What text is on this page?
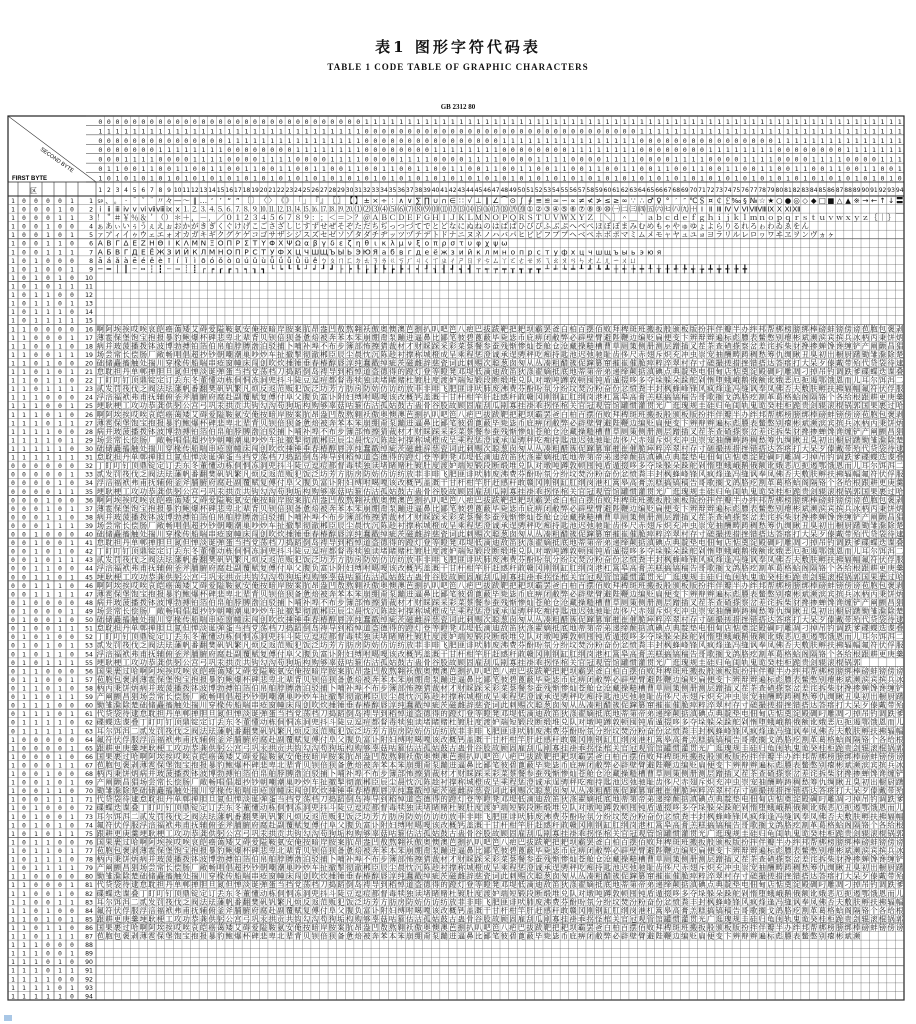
表1 图形字符代码表
TABLE 1 CODE TABLE OF GRAPHIC CHARACTERS
GB 2312 80
0
1
0
0
0
0
1
1
0
1
0
0
0
1
0
2
0
1
0
0
0
1
1
3
0
1
0
0
1
0
0
4
0
1
0
0
1
0
1
5
0
1
0
0
1
1
0
6
0
1
0
0
1
1
1
7
0
1
0
1
0
0
0
8
0
1
0
1
0
0
1
9
0
1
0
1
0
1
0
10
0
1
0
1
0
1
1
11
0
1
0
1
1
0
0
12
0
1
0
1
1
0
1
13
0
1
0
1
1
1
0
14
0
1
0
1
1
1
1
15
0
1
1
0
0
0
0
16
0
1
1
0
0
0
1
17
0
1
1
0
0
1
0
18
0
1
1
0
0
1
1
19
0
1
1
0
1
0
0
20
0
1
1
0
1
0
1
21
0
1
1
0
1
1
0
22
0
1
1
0
1
1
1
23
0
1
1
1
0
0
0
24
0
1
1
1
0
0
1
25
0
1
1
1
0
1
0
26
0
1
1
1
0
1
1
27
0
1
1
1
1
0
0
28
0
1
1
1
1
0
1
29
0
1
1
1
1
1
0
30
0
1
1
1
1
1
1
31
1
0
0
0
0
0
0
32
1
0
0
0
0
0
1
33
1
0
0
0
0
1
0
34
1
0
0
0
0
1
1
35
1
0
0
0
1
0
0
36
1
0
0
0
1
0
1
37
1
0
0
0
1
1
0
38
1
0
0
0
1
1
1
39
1
0
0
1
0
0
0
40
1
0
0
1
0
0
1
41
1
0
0
1
0
1
0
42
1
0
0
1
0
1
1
43
1
0
0
1
1
0
0
44
1
0
0
1
1
0
1
45
1
0
0
1
1
1
0
46
1
0
0
1
1
1
1
47
1
0
1
0
0
0
0
48
1
0
1
0
0
0
1
49
1
0
1
0
0
1
0
50
1
0
1
0
0
1
1
51
1
0
1
0
1
0
0
52
1
0
1
0
1
0
1
53
1
0
1
0
1
1
0
54
1
0
1
0
1
1
1
55
1
0
1
1
0
0
0
56
1
0
1
1
0
0
1
57
1
0
1
1
0
1
0
58
1
0
1
1
0
1
1
59
1
0
1
1
1
0
0
60
1
0
1
1
1
0
1
61
1
0
1
1
1
1
0
62
1
0
1
1
1
1
1
63
1
1
0
0
0
0
0
64
1
1
0
0
0
0
1
65
1
1
0
0
0
1
0
66
1
1
0
0
0
1
1
67
1
1
0
0
1
0
0
68
1
1
0
0
1
0
1
69
1
1
0
0
1
1
0
70
1
1
0
0
1
1
1
71
1
1
0
1
0
0
0
72
1
1
0
1
0
0
1
73
1
1
0
1
0
1
0
74
1
1
0
1
0
1
1
75
1
1
0
1
1
0
0
76
1
1
0
1
1
0
1
77
1
1
0
1
1
1
0
78
1
1
0
1
1
1
1
79
1
1
1
0
0
0
0
80
1
1
1
0
0
0
1
81
1
1
1
0
0
1
0
82
1
1
1
0
0
1
1
83
1
1
1
0
1
0
0
84
1
1
1
0
1
0
1
85
1
1
1
0
1
1
0
86
1
1
1
0
1
1
1
87
1
1
1
1
0
0
0
88
1
1
1
1
0
0
1
89
1
1
1
1
0
1
0
90
1
1
1
1
0
1
1
91
1
1
1
1
1
0
0
92
1
1
1
1
1
0
1
93
1
1
1
1
1
1
0
94
FIRST BYTE
SECOND BYTE
区
1 0 0 0 0 1 1 SP 、 。 · ˉ ˇ ¨ 〃 々 — ～ ‖ … ‘ ’ “ ” 〔 〕 〈 〉 《 》 「 」 『 』 〖 〗 【 】 ± × ÷ ∶ ∧ ∨ ∑ ∏ ∪ ∩ ∈ ∷ √ ⊥ ∥ ∠ ⌒ ⊙ ∫ ∮ ≡ ≌ ≈ ∽ ∝ ≠ ≮ ≯ ≤ ≥ ∞ ∵ ∴ ♂ ♀ ° ′ ″ ℃ ＄ ¤ ￠ ￡ ‰ § № ☆ ★ ○ ● ◎ ◇ ◆ □ ■ △ ▲ ※ → ← ↑ ↓ 〓
1 0 0 0 1 0 2 ⅰ ⅱ ⅲ ⅳ ⅴ ⅵ ⅶ ⅷ ⅸ ⅹ ⒈ ⒉ ⒊ ⒋ ⒌ ⒍ ⒎ ⒏ ⒐ ⒑ ⒒ ⒓ ⒔ ⒕ ⒖ ⒗ ⒘ ⒙ ⒚ ⒛ ⑴ ⑵ ⑶ ⑷ ⑸ ⑹ ⑺ ⑻ ⑼ ⑽ ⑾ ⑿ ⒀ ⒁ ⒂ ⒃ ⒄ ⒅ ⒆ ⒇ ① ② ③ ④ ⑤ ⑥ ⑦ ⑧ ⑨ ⑩ ㈠ ㈡ ㈢ ㈣ ㈤ ㈥ ㈦ ㈧ ㈨ ㈩ Ⅰ Ⅱ Ⅲ Ⅳ Ⅴ Ⅵ Ⅶ Ⅷ Ⅸ Ⅹ Ⅺ Ⅻ
1 0 0 0 1 1 3 ！ ＂ ＃ ￥ ％ ＆ ＇ （ ） ＊ ＋ ， － ． ／ ０ １ ２ ３ ４ ５ ６ ７ ８ ９ ： ； ＜ ＝ ＞ ？ ＠ Ａ Ｂ Ｃ Ｄ Ｅ Ｆ Ｇ Ｈ Ｉ Ｊ Ｋ Ｌ Ｍ Ｎ Ｏ Ｐ Ｑ Ｒ Ｓ Ｔ Ｕ Ｖ Ｗ Ｘ Ｙ Ｚ ［ ＼ ］ ＾ ＿ ｀ ａ ｂ ｃ ｄ ｅ ｆ ｇ ｈ ｉ ｊ ｋ ｌ ｍ ｎ ｏ ｐ ｑ ｒ ｓ ｔ ｕ ｖ ｗ ｘ ｙ ｚ ｛ ｜ ｝ ￣
1 0 0 1 0 0 4 ぁ あ ぃ い ぅ う ぇ え ぉ お か が き ぎ く ぐ け げ こ ご さ ざ し じ す ず せ ぜ そ ぞ た だ ち ぢ っ つ づ て で と ど な に ぬ ね の は ば ぱ ひ び ぴ ふ ぶ ぷ へ べ ぺ ほ ぼ ぽ ま み む め も ゃ や ゅ ゆ ょ よ ら り る れ ろ ゎ わ ゐ ゑ を ん
1 0 0 1 0 1 5 ァ ア ィ イ ゥ ウ ェ エ ォ オ カ ガ キ ギ ク グ ケ ゲ コ ゴ サ ザ シ ジ ス ズ セ ゼ ソ ゾ タ ダ チ ヂ ッ ツ ヅ テ デ ト ド ナ ニ ヌ ネ ノ ハ バ パ ヒ ビ ピ フ ブ プ ヘ ベ ペ ホ ボ ポ マ ミ ム メ モ ャ ヤ ュ ユ ョ ヨ ラ リ ル レ ロ ヮ ワ ヰ ヱ ヲ ン ヴ ヵ ヶ
1 0 0 1 1 0 6 Α Β Γ Δ Ε Ζ Η Θ Ι Κ Λ Μ Ν Ξ Ο Π Ρ Σ Τ Υ Φ Χ Ψ Ω α β γ δ ε ζ η θ ι κ λ μ ν ξ ο π ρ σ τ υ φ χ ψ ω
1 0 0 1 1 1 7 А Б В Г Д Е Ё Ж З И Й К Л М Н О П Р С Т У Ф Х Ц Ч Ш Щ Ъ Ы Ь Э Ю Я а б в г д е ё ж з и й к л м н о п р с т у ф х ц ч ш щ ъ ы ь э ю я
1 0 1 0 0 0 8 ā á ǎ à ē é ě è ī í ǐ ì ō ó ǒ ò ū ú ǔ ù ǖ ǘ ǚ ǜ ü ê ㄅ ㄆ ㄇ ㄈ ㄉ ㄊ ㄋ ㄌ ㄍ ㄎ ㄏ ㄐ ㄑ ㄒ ㄓ ㄔ ㄕ ㄖ ㄗ ㄘ ㄙ ㄚ ㄛ ㄜ ㄝ ㄞ ㄟ ㄠ ㄡ ㄢ ㄣ ㄤ ㄥ ㄦ ㄧ ㄨ ㄩ
1 0 1 0 0 1 9 ─ ━ │ ┃ ┄ ┅ ┆ ┇ ┈ ┉ ┊ ┋ ┌ ┍ ┎ ┏ ┐ ┑ ┒ ┓ └ ┕ ┖ ┗ ┘ ┙ ┚ ┛ ├ ┝ ┞ ┟ ┠ ┡ ┢ ┣ ┤ ┥ ┦ ┧ ┨ ┩ ┪ ┫ ┬ ┭ ┮ ┯ ┰ ┱ ┲ ┳ ┴ ┵ ┶ ┷ ┸ ┹ ┺ ┻ ┼ ┽ ┾ ┿ ╀ ╁ ╂ ╃ ╄ ╅ ╆ ╇ ╈ ╉ ╊ ╋
1 0 1 0 1 0 10
1 0 1 0 1 1 11
1 0 1 1 0 0 12
1 0 1 1 0 1 13
1 0 1 1 1 0 14
1 0 1 1 1 1 15
1 1 0 0 0 0 16 啊 阿 埃 挨 哎 唉 哀 皑 癌 蔼 矮 艾 碍 爱 隘 鞍 氨 安 俺 按 暗 岸 胺 案 肮 昂 盎 凹 敖 熬 翱 袄 傲 奥 懊 澳 芭 捌 扒 叭 吧 笆 八 疤 巴 拔 跋 靶 把 耙 坝 霸 罢 爸 白 柏 百 摆 佰 败 拜 稗 斑 班 搬 扳 般 颁 板 版 扮 拌 伴 瓣 半 办 绊 邦 帮 梆 榜 膀 绑 棒 磅 蚌 镑 傍 谤 苞 胞 包 褒 剥
1 1 0 0 0 1 17 薄 雹 保 堡 饱 宝 抱 报 暴 豹 鲍 爆 杯 碑 悲 卑 北 辈 背 贝 钡 倍 狈 备 惫 焙 被 奔 苯 本 笨 崩 绷 甭 泵 蹦 迸 逼 鼻 比 鄙 笔 彼 碧 蓖 蔽 毕 毙 毖 币 庇 痹 闭 敝 弊 必 辟 壁 臂 避 陛 鞭 边 编 贬 扁 便 变 卞 辨 辩 辫 遍 标 彪 膘 表 鳖 憋 别 瘪 彬 斌 濒 滨 宾 摈 兵 冰 柄 丙 秉 饼 炳
1 1 0 0 1 0 18 病 并 玻 菠 播 拨 钵 波 博 勃 搏 铂 箔 伯 帛 舶 脖 膊 渤 泊 驳 捕 卜 哺 补 埠 不 布 步 簿 部 怖 擦 猜 裁 材 才 财 睬 踩 采 彩 菜 蔡 餐 参 蚕 残 惭 惨 灿 苍 舱 仓 沧 藏 操 糙 槽 曹 草 厕 策 侧 册 测 层 蹭 插 叉 茬 茶 查 碴 搽 察 岔 差 诧 拆 柴 豺 搀 掺 蝉 馋 谗 缠 铲 产 阐 颤 昌 猖
1 1 0 0 1 1 19 场 尝 常 长 偿 肠 厂 敞 畅 唱 倡 超 抄 钞 朝 嘲 潮 巢 吵 炒 车 扯 撤 掣 彻 澈 郴 臣 辰 尘 晨 忱 沉 陈 趁 衬 撑 称 城 橙 成 呈 乘 程 惩 澄 诚 承 逞 骋 秤 吃 痴 持 匙 池 迟 弛 驰 耻 齿 侈 尺 赤 翅 斥 炽 充 冲 虫 崇 宠 抽 酬 畴 踌 稠 愁 筹 仇 绸 瞅 丑 臭 初 出 橱 厨 躇 锄 雏 滁 除 楚
1 1 0 1 0 0 20 础 储 矗 搐 触 处 揣 川 穿 椽 传 船 喘 串 疮 窗 幢 床 闯 创 吹 炊 捶 锤 垂 春 椿 醇 唇 淳 纯 蠢 戳 绰 疵 茨 磁 雌 辞 慈 瓷 词 此 刺 赐 次 聪 葱 囱 匆 从 丛 凑 粗 醋 簇 促 蹿 篡 窜 摧 崔 催 脆 瘁 粹 淬 翠 村 存 寸 磋 撮 搓 措 挫 错 搭 达 答 瘩 打 大 呆 歹 傣 戴 带 殆 代 贷 袋 待 逮
1 1 0 1 0 1 21 怠 耽 担 丹 单 郸 掸 胆 旦 氮 但 惮 淡 诞 弹 蛋 当 挡 党 荡 档 刀 捣 蹈 倒 岛 祷 导 到 稻 悼 道 盗 德 得 的 蹬 灯 登 等 瞪 凳 邓 堤 低 滴 迪 敌 笛 狄 涤 翟 嫡 抵 底 地 蒂 第 帝 弟 递 缔 颠 掂 滇 碘 点 典 靛 垫 电 佃 甸 店 惦 奠 淀 殿 碉 叼 雕 凋 刁 掉 吊 钓 调 跌 爹 碟 蝶 迭 谍 叠
1 1 0 1 1 0 22 丁 盯 叮 钉 顶 鼎 锭 定 订 丢 东 冬 董 懂 动 栋 侗 恫 冻 洞 兜 抖 斗 陡 豆 逗 痘 都 督 毒 犊 独 读 堵 睹 赌 杜 镀 肚 度 渡 妒 端 短 锻 段 断 缎 堆 兑 队 对 墩 吨 蹲 敦 顿 囤 钝 盾 遁 掇 哆 多 夺 垛 躲 朵 跺 舵 剁 惰 堕 蛾 峨 鹅 俄 额 讹 娥 恶 厄 扼 遏 鄂 饿 恩 而 儿 耳 尔 饵 洱 二
1 1 0 1 1 1 23 贰 发 罚 筏 伐 乏 阀 法 珐 藩 帆 番 翻 樊 矾 钒 繁 凡 烦 反 返 范 贩 犯 饭 泛 坊 芳 方 肪 房 防 妨 仿 访 纺 放 菲 非 啡 飞 肥 匪 诽 吠 肺 废 沸 费 芬 酚 吩 氛 分 纷 坟 焚 汾 粉 奋 份 忿 愤 粪 丰 封 枫 蜂 峰 锋 风 疯 烽 逢 冯 缝 讽 奉 凤 佛 否 夫 敷 肤 孵 扶 拂 辐 幅 氟 符 伏 俘 服
1 1 1 0 0 0 24 浮 涪 福 袱 弗 甫 抚 辅 俯 釜 斧 脯 腑 府 腐 赴 副 覆 赋 复 傅 付 阜 父 腹 负 富 讣 附 妇 缚 咐 噶 嘎 该 改 概 钙 盖 溉 干 甘 杆 柑 竿 肝 赶 感 秆 敢 赣 冈 刚 钢 缸 肛 纲 岗 港 杠 篙 皋 高 膏 羔 糕 搞 镐 稿 告 哥 歌 搁 戈 鸽 胳 疙 割 革 葛 格 蛤 阁 隔 铬 个 各 给 根 跟 耕 更 庚 羹
1 1 1 0 0 1 25 埂 耿 梗 工 攻 功 恭 龚 供 躬 公 宫 弓 巩 汞 拱 贡 共 钩 勾 沟 苟 狗 垢 构 购 够 辜 菇 咕 箍 估 沽 孤 姑 鼓 古 蛊 骨 谷 股 故 顾 固 雇 刮 瓜 剐 寡 挂 褂 乖 拐 怪 棺 关 官 冠 观 管 馆 罐 惯 灌 贯 光 广 逛 瑰 规 圭 硅 归 龟 闺 轨 鬼 诡 癸 桂 柜 跪 贵 刽 辊 滚 棍 锅 郭 国 果 裹 过 哈
1 1 1 0 1 0 26 啊 阿 埃 挨 哎 唉 哀 皑 癌 蔼 矮 艾 碍 爱 隘 鞍 氨 安 俺 按 暗 岸 胺 案 肮 昂 盎 凹 敖 熬 翱 袄 傲 奥 懊 澳 芭 捌 扒 叭 吧 笆 八 疤 巴 拔 跋 靶 把 耙 坝 霸 罢 爸 白 柏 百 摆 佰 败 拜 稗 斑 班 搬 扳 般 颁 板 版 扮 拌 伴 瓣 半 办 绊 邦 帮 梆 榜 膀 绑 棒 磅 蚌 镑 傍 谤 苞 胞 包 褒 剥
1 1 1 0 1 1 27 薄 雹 保 堡 饱 宝 抱 报 暴 豹 鲍 爆 杯 碑 悲 卑 北 辈 背 贝 钡 倍 狈 备 惫 焙 被 奔 苯 本 笨 崩 绷 甭 泵 蹦 迸 逼 鼻 比 鄙 笔 彼 碧 蓖 蔽 毕 毙 毖 币 庇 痹 闭 敝 弊 必 辟 壁 臂 避 陛 鞭 边 编 贬 扁 便 变 卞 辨 辩 辫 遍 标 彪 膘 表 鳖 憋 别 瘪 彬 斌 濒 滨 宾 摈 兵 冰 柄 丙 秉 饼 炳
1 1 1 1 0 0 28 病 并 玻 菠 播 拨 钵 波 博 勃 搏 铂 箔 伯 帛 舶 脖 膊 渤 泊 驳 捕 卜 哺 补 埠 不 布 步 簿 部 怖 擦 猜 裁 材 才 财 睬 踩 采 彩 菜 蔡 餐 参 蚕 残 惭 惨 灿 苍 舱 仓 沧 藏 操 糙 槽 曹 草 厕 策 侧 册 测 层 蹭 插 叉 茬 茶 查 碴 搽 察 岔 差 诧 拆 柴 豺 搀 掺 蝉 馋 谗 缠 铲 产 阐 颤 昌 猖
1 1 1 1 0 1 29 场 尝 常 长 偿 肠 厂 敞 畅 唱 倡 超 抄 钞 朝 嘲 潮 巢 吵 炒 车 扯 撤 掣 彻 澈 郴 臣 辰 尘 晨 忱 沉 陈 趁 衬 撑 称 城 橙 成 呈 乘 程 惩 澄 诚 承 逞 骋 秤 吃 痴 持 匙 池 迟 弛 驰 耻 齿 侈 尺 赤 翅 斥 炽 充 冲 虫 崇 宠 抽 酬 畴 踌 稠 愁 筹 仇 绸 瞅 丑 臭 初 出 橱 厨 躇 锄 雏 滁 除 楚
1 1 1 1 1 0 30 础 储 矗 搐 触 处 揣 川 穿 椽 传 船 喘 串 疮 窗 幢 床 闯 创 吹 炊 捶 锤 垂 春 椿 醇 唇 淳 纯 蠢 戳 绰 疵 茨 磁 雌 辞 慈 瓷 词 此 刺 赐 次 聪 葱 囱 匆 从 丛 凑 粗 醋 簇 促 蹿 篡 窜 摧 崔 催 脆 瘁 粹 淬 翠 村 存 寸 磋 撮 搓 措 挫 错 搭 达 答 瘩 打 大 呆 歹 傣 戴 带 殆 代 贷 袋 待 逮
1 1 1 1 1 1 31 怠 耽 担 丹 单 郸 掸 胆 旦 氮 但 惮 淡 诞 弹 蛋 当 挡 党 荡 档 刀 捣 蹈 倒 岛 祷 导 到 稻 悼 道 盗 德 得 的 蹬 灯 登 等 瞪 凳 邓 堤 低 滴 迪 敌 笛 狄 涤 翟 嫡 抵 底 地 蒂 第 帝 弟 递 缔 颠 掂 滇 碘 点 典 靛 垫 电 佃 甸 店 惦 奠 淀 殿 碉 叼 雕 凋 刁 掉 吊 钓 调 跌 爹 碟 蝶 迭 谍 叠
0 0 0 0 0 0 32 丁 盯 叮 钉 顶 鼎 锭 定 订 丢 东 冬 董 懂 动 栋 侗 恫 冻 洞 兜 抖 斗 陡 豆 逗 痘 都 督 毒 犊 独 读 堵 睹 赌 杜 镀 肚 度 渡 妒 端 短 锻 段 断 缎 堆 兑 队 对 墩 吨 蹲 敦 顿 囤 钝 盾 遁 掇 哆 多 夺 垛 躲 朵 跺 舵 剁 惰 堕 蛾 峨 鹅 俄 额 讹 娥 恶 厄 扼 遏 鄂 饿 恩 而 儿 耳 尔 饵 洱 二
0 0 0 0 0 1 33 贰 发 罚 筏 伐 乏 阀 法 珐 藩 帆 番 翻 樊 矾 钒 繁 凡 烦 反 返 范 贩 犯 饭 泛 坊 芳 方 肪 房 防 妨 仿 访 纺 放 菲 非 啡 飞 肥 匪 诽 吠 肺 废 沸 费 芬 酚 吩 氛 分 纷 坟 焚 汾 粉 奋 份 忿 愤 粪 丰 封 枫 蜂 峰 锋 风 疯 烽 逢 冯 缝 讽 奉 凤 佛 否 夫 敷 肤 孵 扶 拂 辐 幅 氟 符 伏 俘 服
0 0 0 0 1 0 34 浮 涪 福 袱 弗 甫 抚 辅 俯 釜 斧 脯 腑 府 腐 赴 副 覆 赋 复 傅 付 阜 父 腹 负 富 讣 附 妇 缚 咐 噶 嘎 该 改 概 钙 盖 溉 干 甘 杆 柑 竿 肝 赶 感 秆 敢 赣 冈 刚 钢 缸 肛 纲 岗 港 杠 篙 皋 高 膏 羔 糕 搞 镐 稿 告 哥 歌 搁 戈 鸽 胳 疙 割 革 葛 格 蛤 阁 隔 铬 个 各 给 根 跟 耕 更 庚 羹
0 0 0 0 1 1 35 埂 耿 梗 工 攻 功 恭 龚 供 躬 公 宫 弓 巩 汞 拱 贡 共 钩 勾 沟 苟 狗 垢 构 购 够 辜 菇 咕 箍 估 沽 孤 姑 鼓 古 蛊 骨 谷 股 故 顾 固 雇 刮 瓜 剐 寡 挂 褂 乖 拐 怪 棺 关 官 冠 观 管 馆 罐 惯 灌 贯 光 广 逛 瑰 规 圭 硅 归 龟 闺 轨 鬼 诡 癸 桂 柜 跪 贵 刽 辊 滚 棍 锅 郭 国 果 裹 过 哈
0 0 0 1 0 0 36 啊 阿 埃 挨 哎 唉 哀 皑 癌 蔼 矮 艾 碍 爱 隘 鞍 氨 安 俺 按 暗 岸 胺 案 肮 昂 盎 凹 敖 熬 翱 袄 傲 奥 懊 澳 芭 捌 扒 叭 吧 笆 八 疤 巴 拔 跋 靶 把 耙 坝 霸 罢 爸 白 柏 百 摆 佰 败 拜 稗 斑 班 搬 扳 般 颁 板 版 扮 拌 伴 瓣 半 办 绊 邦 帮 梆 榜 膀 绑 棒 磅 蚌 镑 傍 谤 苞 胞 包 褒 剥
0 0 0 1 0 1 37 薄 雹 保 堡 饱 宝 抱 报 暴 豹 鲍 爆 杯 碑 悲 卑 北 辈 背 贝 钡 倍 狈 备 惫 焙 被 奔 苯 本 笨 崩 绷 甭 泵 蹦 迸 逼 鼻 比 鄙 笔 彼 碧 蓖 蔽 毕 毙 毖 币 庇 痹 闭 敝 弊 必 辟 壁 臂 避 陛 鞭 边 编 贬 扁 便 变 卞 辨 辩 辫 遍 标 彪 膘 表 鳖 憋 别 瘪 彬 斌 濒 滨 宾 摈 兵 冰 柄 丙 秉 饼 炳
0 0 0 1 1 0 38 病 并 玻 菠 播 拨 钵 波 博 勃 搏 铂 箔 伯 帛 舶 脖 膊 渤 泊 驳 捕 卜 哺 补 埠 不 布 步 簿 部 怖 擦 猜 裁 材 才 财 睬 踩 采 彩 菜 蔡 餐 参 蚕 残 惭 惨 灿 苍 舱 仓 沧 藏 操 糙 槽 曹 草 厕 策 侧 册 测 层 蹭 插 叉 茬 茶 查 碴 搽 察 岔 差 诧 拆 柴 豺 搀 掺 蝉 馋 谗 缠 铲 产 阐 颤 昌 猖
0 0 0 1 1 1 39 场 尝 常 长 偿 肠 厂 敞 畅 唱 倡 超 抄 钞 朝 嘲 潮 巢 吵 炒 车 扯 撤 掣 彻 澈 郴 臣 辰 尘 晨 忱 沉 陈 趁 衬 撑 称 城 橙 成 呈 乘 程 惩 澄 诚 承 逞 骋 秤 吃 痴 持 匙 池 迟 弛 驰 耻 齿 侈 尺 赤 翅 斥 炽 充 冲 虫 崇 宠 抽 酬 畴 踌 稠 愁 筹 仇 绸 瞅 丑 臭 初 出 橱 厨 躇 锄 雏 滁 除 楚
0 0 1 0 0 0 40 础 储 矗 搐 触 处 揣 川 穿 椽 传 船 喘 串 疮 窗 幢 床 闯 创 吹 炊 捶 锤 垂 春 椿 醇 唇 淳 纯 蠢 戳 绰 疵 茨 磁 雌 辞 慈 瓷 词 此 刺 赐 次 聪 葱 囱 匆 从 丛 凑 粗 醋 簇 促 蹿 篡 窜 摧 崔 催 脆 瘁 粹 淬 翠 村 存 寸 磋 撮 搓 措 挫 错 搭 达 答 瘩 打 大 呆 歹 傣 戴 带 殆 代 贷 袋 待 逮
0 0 1 0 0 1 41 怠 耽 担 丹 单 郸 掸 胆 旦 氮 但 惮 淡 诞 弹 蛋 当 挡 党 荡 档 刀 捣 蹈 倒 岛 祷 导 到 稻 悼 道 盗 德 得 的 蹬 灯 登 等 瞪 凳 邓 堤 低 滴 迪 敌 笛 狄 涤 翟 嫡 抵 底 地 蒂 第 帝 弟 递 缔 颠 掂 滇 碘 点 典 靛 垫 电 佃 甸 店 惦 奠 淀 殿 碉 叼 雕 凋 刁 掉 吊 钓 调 跌 爹 碟 蝶 迭 谍 叠
0 0 1 0 1 0 42 丁 盯 叮 钉 顶 鼎 锭 定 订 丢 东 冬 董 懂 动 栋 侗 恫 冻 洞 兜 抖 斗 陡 豆 逗 痘 都 督 毒 犊 独 读 堵 睹 赌 杜 镀 肚 度 渡 妒 端 短 锻 段 断 缎 堆 兑 队 对 墩 吨 蹲 敦 顿 囤 钝 盾 遁 掇 哆 多 夺 垛 躲 朵 跺 舵 剁 惰 堕 蛾 峨 鹅 俄 额 讹 娥 恶 厄 扼 遏 鄂 饿 恩 而 儿 耳 尔 饵 洱 二
0 0 1 0 1 1 43 贰 发 罚 筏 伐 乏 阀 法 珐 藩 帆 番 翻 樊 矾 钒 繁 凡 烦 反 返 范 贩 犯 饭 泛 坊 芳 方 肪 房 防 妨 仿 访 纺 放 菲 非 啡 飞 肥 匪 诽 吠 肺 废 沸 费 芬 酚 吩 氛 分 纷 坟 焚 汾 粉 奋 份 忿 愤 粪 丰 封 枫 蜂 峰 锋 风 疯 烽 逢 冯 缝 讽 奉 凤 佛 否 夫 敷 肤 孵 扶 拂 辐 幅 氟 符 伏 俘 服
0 0 1 1 0 0 44 浮 涪 福 袱 弗 甫 抚 辅 俯 釜 斧 脯 腑 府 腐 赴 副 覆 赋 复 傅 付 阜 父 腹 负 富 讣 附 妇 缚 咐 噶 嘎 该 改 概 钙 盖 溉 干 甘 杆 柑 竿 肝 赶 感 秆 敢 赣 冈 刚 钢 缸 肛 纲 岗 港 杠 篙 皋 高 膏 羔 糕 搞 镐 稿 告 哥 歌 搁 戈 鸽 胳 疙 割 革 葛 格 蛤 阁 隔 铬 个 各 给 根 跟 耕 更 庚 羹
0 0 1 1 0 1 45 埂 耿 梗 工 攻 功 恭 龚 供 躬 公 宫 弓 巩 汞 拱 贡 共 钩 勾 沟 苟 狗 垢 构 购 够 辜 菇 咕 箍 估 沽 孤 姑 鼓 古 蛊 骨 谷 股 故 顾 固 雇 刮 瓜 剐 寡 挂 褂 乖 拐 怪 棺 关 官 冠 观 管 馆 罐 惯 灌 贯 光 广 逛 瑰 规 圭 硅 归 龟 闺 轨 鬼 诡 癸 桂 柜 跪 贵 刽 辊 滚 棍 锅 郭 国 果 裹 过 哈
0 0 1 1 1 0 46 啊 阿 埃 挨 哎 唉 哀 皑 癌 蔼 矮 艾 碍 爱 隘 鞍 氨 安 俺 按 暗 岸 胺 案 肮 昂 盎 凹 敖 熬 翱 袄 傲 奥 懊 澳 芭 捌 扒 叭 吧 笆 八 疤 巴 拔 跋 靶 把 耙 坝 霸 罢 爸 白 柏 百 摆 佰 败 拜 稗 斑 班 搬 扳 般 颁 板 版 扮 拌 伴 瓣 半 办 绊 邦 帮 梆 榜 膀 绑 棒 磅 蚌 镑 傍 谤 苞 胞 包 褒 剥
0 0 1 1 1 1 47 薄 雹 保 堡 饱 宝 抱 报 暴 豹 鲍 爆 杯 碑 悲 卑 北 辈 背 贝 钡 倍 狈 备 惫 焙 被 奔 苯 本 笨 崩 绷 甭 泵 蹦 迸 逼 鼻 比 鄙 笔 彼 碧 蓖 蔽 毕 毙 毖 币 庇 痹 闭 敝 弊 必 辟 壁 臂 避 陛 鞭 边 编 贬 扁 便 变 卞 辨 辩 辫 遍 标 彪 膘 表 鳖 憋 别 瘪 彬 斌 濒 滨 宾 摈 兵 冰 柄 丙 秉 饼 炳
0 1 0 0 0 0 48 病 并 玻 菠 播 拨 钵 波 博 勃 搏 铂 箔 伯 帛 舶 脖 膊 渤 泊 驳 捕 卜 哺 补 埠 不 布 步 簿 部 怖 擦 猜 裁 材 才 财 睬 踩 采 彩 菜 蔡 餐 参 蚕 残 惭 惨 灿 苍 舱 仓 沧 藏 操 糙 槽 曹 草 厕 策 侧 册 测 层 蹭 插 叉 茬 茶 查 碴 搽 察 岔 差 诧 拆 柴 豺 搀 掺 蝉 馋 谗 缠 铲 产 阐 颤 昌 猖
0 1 0 0 0 1 49 场 尝 常 长 偿 肠 厂 敞 畅 唱 倡 超 抄 钞 朝 嘲 潮 巢 吵 炒 车 扯 撤 掣 彻 澈 郴 臣 辰 尘 晨 忱 沉 陈 趁 衬 撑 称 城 橙 成 呈 乘 程 惩 澄 诚 承 逞 骋 秤 吃 痴 持 匙 池 迟 弛 驰 耻 齿 侈 尺 赤 翅 斥 炽 充 冲 虫 崇 宠 抽 酬 畴 踌 稠 愁 筹 仇 绸 瞅 丑 臭 初 出 橱 厨 躇 锄 雏 滁 除 楚
0 1 0 0 1 0 50 础 储 矗 搐 触 处 揣 川 穿 椽 传 船 喘 串 疮 窗 幢 床 闯 创 吹 炊 捶 锤 垂 春 椿 醇 唇 淳 纯 蠢 戳 绰 疵 茨 磁 雌 辞 慈 瓷 词 此 刺 赐 次 聪 葱 囱 匆 从 丛 凑 粗 醋 簇 促 蹿 篡 窜 摧 崔 催 脆 瘁 粹 淬 翠 村 存 寸 磋 撮 搓 措 挫 错 搭 达 答 瘩 打 大 呆 歹 傣 戴 带 殆 代 贷 袋 待 逮
0 1 0 0 1 1 51 怠 耽 担 丹 单 郸 掸 胆 旦 氮 但 惮 淡 诞 弹 蛋 当 挡 党 荡 档 刀 捣 蹈 倒 岛 祷 导 到 稻 悼 道 盗 德 得 的 蹬 灯 登 等 瞪 凳 邓 堤 低 滴 迪 敌 笛 狄 涤 翟 嫡 抵 底 地 蒂 第 帝 弟 递 缔 颠 掂 滇 碘 点 典 靛 垫 电 佃 甸 店 惦 奠 淀 殿 碉 叼 雕 凋 刁 掉 吊 钓 调 跌 爹 碟 蝶 迭 谍 叠
0 1 0 1 0 0 52 丁 盯 叮 钉 顶 鼎 锭 定 订 丢 东 冬 董 懂 动 栋 侗 恫 冻 洞 兜 抖 斗 陡 豆 逗 痘 都 督 毒 犊 独 读 堵 睹 赌 杜 镀 肚 度 渡 妒 端 短 锻 段 断 缎 堆 兑 队 对 墩 吨 蹲 敦 顿 囤 钝 盾 遁 掇 哆 多 夺 垛 躲 朵 跺 舵 剁 惰 堕 蛾 峨 鹅 俄 额 讹 娥 恶 厄 扼 遏 鄂 饿 恩 而 儿 耳 尔 饵 洱 二
0 1 0 1 0 1 53 贰 发 罚 筏 伐 乏 阀 法 珐 藩 帆 番 翻 樊 矾 钒 繁 凡 烦 反 返 范 贩 犯 饭 泛 坊 芳 方 肪 房 防 妨 仿 访 纺 放 菲 非 啡 飞 肥 匪 诽 吠 肺 废 沸 费 芬 酚 吩 氛 分 纷 坟 焚 汾 粉 奋 份 忿 愤 粪 丰 封 枫 蜂 峰 锋 风 疯 烽 逢 冯 缝 讽 奉 凤 佛 否 夫 敷 肤 孵 扶 拂 辐 幅 氟 符 伏 俘 服
0 1 0 1 1 0 54 浮 涪 福 袱 弗 甫 抚 辅 俯 釜 斧 脯 腑 府 腐 赴 副 覆 赋 复 傅 付 阜 父 腹 负 富 讣 附 妇 缚 咐 噶 嘎 该 改 概 钙 盖 溉 干 甘 杆 柑 竿 肝 赶 感 秆 敢 赣 冈 刚 钢 缸 肛 纲 岗 港 杠 篙 皋 高 膏 羔 糕 搞 镐 稿 告 哥 歌 搁 戈 鸽 胳 疙 割 革 葛 格 蛤 阁 隔 铬 个 各 给 根 跟 耕 更 庚 羹
0 1 0 1 1 1 55 埂 耿 梗 工 攻 功 恭 龚 供 躬 公 宫 弓 巩 汞 拱 贡 共 钩 勾 沟 苟 狗 垢 构 购 够 辜 菇 咕 箍 估 沽 孤 姑 鼓 古 蛊 骨 谷 股 故 顾 固 雇 刮 瓜 剐 寡 挂 褂 乖 拐 怪 棺 关 官 冠 观 管 馆 罐 惯 灌 贯 光 广 逛 瑰 规 圭 硅 归 龟 闺 轨 鬼 诡 癸 桂 柜 跪 贵 刽 辊 滚 棍 锅 郭
0 1 1 0 0 0 56 国 果 裹 过 哈 啊 阿 埃 挨 哎 唉 哀 皑 癌 蔼 矮 艾 碍 爱 隘 鞍 氨 安 俺 按 暗 岸 胺 案 肮 昂 盎 凹 敖 熬 翱 袄 傲 奥 懊 澳 芭 捌 扒 叭 吧 笆 八 疤 巴 拔 跋 靶 把 耙 坝 霸 罢 爸 白 柏 百 摆 佰 败 拜 稗 斑 班 搬 扳 般 颁 板 版 扮 拌 伴 瓣 半 办 绊 邦 帮 梆 榜 膀 绑 棒 磅 蚌 镑 傍 谤
0 1 1 0 0 1 57 苞 胞 包 褒 剥 薄 雹 保 堡 饱 宝 抱 报 暴 豹 鲍 爆 杯 碑 悲 卑 北 辈 背 贝 钡 倍 狈 备 惫 焙 被 奔 苯 本 笨 崩 绷 甭 泵 蹦 迸 逼 鼻 比 鄙 笔 彼 碧 蓖 蔽 毕 毙 毖 币 庇 痹 闭 敝 弊 必 辟 壁 臂 避 陛 鞭 边 编 贬 扁 便 变 卞 辨 辩 辫 遍 标 彪 膘 表 鳖 憋 别 瘪 彬 斌 濒 滨 宾 摈 兵 冰
0 1 1 0 1 0 58 柄 丙 秉 饼 炳 病 并 玻 菠 播 拨 钵 波 博 勃 搏 铂 箔 伯 帛 舶 脖 膊 渤 泊 驳 捕 卜 哺 补 埠 不 布 步 簿 部 怖 擦 猜 裁 材 才 财 睬 踩 采 彩 菜 蔡 餐 参 蚕 残 惭 惨 灿 苍 舱 仓 沧 藏 操 糙 槽 曹 草 厕 策 侧 册 测 层 蹭 插 叉 茬 茶 查 碴 搽 察 岔 差 诧 拆 柴 豺 搀 掺 蝉 馋 谗 缠 铲
0 1 1 0 1 1 59 产 阐 颤 昌 猖 场 尝 常 长 偿 肠 厂 敞 畅 唱 倡 超 抄 钞 朝 嘲 潮 巢 吵 炒 车 扯 撤 掣 彻 澈 郴 臣 辰 尘 晨 忱 沉 陈 趁 衬 撑 称 城 橙 成 呈 乘 程 惩 澄 诚 承 逞 骋 秤 吃 痴 持 匙 池 迟 弛 驰 耻 齿 侈 尺 赤 翅 斥 炽 充 冲 虫 崇 宠 抽 酬 畴 踌 稠 愁 筹 仇 绸 瞅 丑 臭 初 出 橱 厨 躇
0 1 1 1 0 0 60 锄 雏 滁 除 楚 础 储 矗 搐 触 处 揣 川 穿 椽 传 船 喘 串 疮 窗 幢 床 闯 创 吹 炊 捶 锤 垂 春 椿 醇 唇 淳 纯 蠢 戳 绰 疵 茨 磁 雌 辞 慈 瓷 词 此 刺 赐 次 聪 葱 囱 匆 从 丛 凑 粗 醋 簇 促 蹿 篡 窜 摧 崔 催 脆 瘁 粹 淬 翠 村 存 寸 磋 撮 搓 措 挫 错 搭 达 答 瘩 打 大 呆 歹 傣 戴 带 殆
0 1 1 1 0 1 61 代 贷 袋 待 逮 怠 耽 担 丹 单 郸 掸 胆 旦 氮 但 惮 淡 诞 弹 蛋 当 挡 党 荡 档 刀 捣 蹈 倒 岛 祷 导 到 稻 悼 道 盗 德 得 的 蹬 灯 登 等 瞪 凳 邓 堤 低 滴 迪 敌 笛 狄 涤 翟 嫡 抵 底 地 蒂 第 帝 弟 递 缔 颠 掂 滇 碘 点 典 靛 垫 电 佃 甸 店 惦 奠 淀 殿 碉 叼 雕 凋 刁 掉 吊 钓 调 跌 爹
0 1 1 1 1 0 62 碟 蝶 迭 谍 叠 丁 盯 叮 钉 顶 鼎 锭 定 订 丢 东 冬 董 懂 动 栋 侗 恫 冻 洞 兜 抖 斗 陡 豆 逗 痘 都 督 毒 犊 独 读 堵 睹 赌 杜 镀 肚 度 渡 妒 端 短 锻 段 断 缎 堆 兑 队 对 墩 吨 蹲 敦 顿 囤 钝 盾 遁 掇 哆 多 夺 垛 躲 朵 跺 舵 剁 惰 堕 蛾 峨 鹅 俄 额 讹 娥 恶 厄 扼 遏 鄂 饿 恩 而 儿
0 1 1 1 1 1 63 耳 尔 饵 洱 二 贰 发 罚 筏 伐 乏 阀 法 珐 藩 帆 番 翻 樊 矾 钒 繁 凡 烦 反 返 范 贩 犯 饭 泛 坊 芳 方 肪 房 防 妨 仿 访 纺 放 菲 非 啡 飞 肥 匪 诽 吠 肺 废 沸 费 芬 酚 吩 氛 分 纷 坟 焚 汾 粉 奋 份 忿 愤 粪 丰 封 枫 蜂 峰 锋 风 疯 烽 逢 冯 缝 讽 奉 凤 佛 否 夫 敷 肤 孵 扶 拂 辐 幅
1 0 0 0 0 0 64 氟 符 伏 俘 服 浮 涪 福 袱 弗 甫 抚 辅 俯 釜 斧 脯 腑 府 腐 赴 副 覆 赋 复 傅 付 阜 父 腹 负 富 讣 附 妇 缚 咐 噶 嘎 该 改 概 钙 盖 溉 干 甘 杆 柑 竿 肝 赶 感 秆 敢 赣 冈 刚 钢 缸 肛 纲 岗 港 杠 篙 皋 高 膏 羔 糕 搞 镐 稿 告 哥 歌 搁 戈 鸽 胳 疙 割 革 葛 格 蛤 阁 隔 铬 个 各 给 根
1 0 0 0 0 1 65 跟 耕 更 庚 羹 埂 耿 梗 工 攻 功 恭 龚 供 躬 公 宫 弓 巩 汞 拱 贡 共 钩 勾 沟 苟 狗 垢 构 购 够 辜 菇 咕 箍 估 沽 孤 姑 鼓 古 蛊 骨 谷 股 故 顾 固 雇 刮 瓜 剐 寡 挂 褂 乖 拐 怪 棺 关 官 冠 观 管 馆 罐 惯 灌 贯 光 广 逛 瑰 规 圭 硅 归 龟 闺 轨 鬼 诡 癸 桂 柜 跪 贵 刽 辊 滚 棍 锅 郭
1 0 0 0 1 0 66 国 果 裹 过 哈 啊 阿 埃 挨 哎 唉 哀 皑 癌 蔼 矮 艾 碍 爱 隘 鞍 氨 安 俺 按 暗 岸 胺 案 肮 昂 盎 凹 敖 熬 翱 袄 傲 奥 懊 澳 芭 捌 扒 叭 吧 笆 八 疤 巴 拔 跋 靶 把 耙 坝 霸 罢 爸 白 柏 百 摆 佰 败 拜 稗 斑 班 搬 扳 般 颁 板 版 扮 拌 伴 瓣 半 办 绊 邦 帮 梆 榜 膀 绑 棒 磅 蚌 镑 傍 谤
1 0 0 0 1 1 67 苞 胞 包 褒 剥 薄 雹 保 堡 饱 宝 抱 报 暴 豹 鲍 爆 杯 碑 悲 卑 北 辈 背 贝 钡 倍 狈 备 惫 焙 被 奔 苯 本 笨 崩 绷 甭 泵 蹦 迸 逼 鼻 比 鄙 笔 彼 碧 蓖 蔽 毕 毙 毖 币 庇 痹 闭 敝 弊 必 辟 壁 臂 避 陛 鞭 边 编 贬 扁 便 变 卞 辨 辩 辫 遍 标 彪 膘 表 鳖 憋 别 瘪 彬 斌 濒 滨 宾 摈 兵 冰
1 0 0 1 0 0 68 柄 丙 秉 饼 炳 病 并 玻 菠 播 拨 钵 波 博 勃 搏 铂 箔 伯 帛 舶 脖 膊 渤 泊 驳 捕 卜 哺 补 埠 不 布 步 簿 部 怖 擦 猜 裁 材 才 财 睬 踩 采 彩 菜 蔡 餐 参 蚕 残 惭 惨 灿 苍 舱 仓 沧 藏 操 糙 槽 曹 草 厕 策 侧 册 测 层 蹭 插 叉 茬 茶 查 碴 搽 察 岔 差 诧 拆 柴 豺 搀 掺 蝉 馋 谗 缠 铲
1 0 0 1 0 1 69 产 阐 颤 昌 猖 场 尝 常 长 偿 肠 厂 敞 畅 唱 倡 超 抄 钞 朝 嘲 潮 巢 吵 炒 车 扯 撤 掣 彻 澈 郴 臣 辰 尘 晨 忱 沉 陈 趁 衬 撑 称 城 橙 成 呈 乘 程 惩 澄 诚 承 逞 骋 秤 吃 痴 持 匙 池 迟 弛 驰 耻 齿 侈 尺 赤 翅 斥 炽 充 冲 虫 崇 宠 抽 酬 畴 踌 稠 愁 筹 仇 绸 瞅 丑 臭 初 出 橱 厨 躇
1 0 0 1 1 0 70 锄 雏 滁 除 楚 础 储 矗 搐 触 处 揣 川 穿 椽 传 船 喘 串 疮 窗 幢 床 闯 创 吹 炊 捶 锤 垂 春 椿 醇 唇 淳 纯 蠢 戳 绰 疵 茨 磁 雌 辞 慈 瓷 词 此 刺 赐 次 聪 葱 囱 匆 从 丛 凑 粗 醋 簇 促 蹿 篡 窜 摧 崔 催 脆 瘁 粹 淬 翠 村 存 寸 磋 撮 搓 措 挫 错 搭 达 答 瘩 打 大 呆 歹 傣 戴 带 殆
1 0 0 1 1 1 71 代 贷 袋 待 逮 怠 耽 担 丹 单 郸 掸 胆 旦 氮 但 惮 淡 诞 弹 蛋 当 挡 党 荡 档 刀 捣 蹈 倒 岛 祷 导 到 稻 悼 道 盗 德 得 的 蹬 灯 登 等 瞪 凳 邓 堤 低 滴 迪 敌 笛 狄 涤 翟 嫡 抵 底 地 蒂 第 帝 弟 递 缔 颠 掂 滇 碘 点 典 靛 垫 电 佃 甸 店 惦 奠 淀 殿 碉 叼 雕 凋 刁 掉 吊 钓 调 跌 爹
1 0 1 0 0 0 72 碟 蝶 迭 谍 叠 丁 盯 叮 钉 顶 鼎 锭 定 订 丢 东 冬 董 懂 动 栋 侗 恫 冻 洞 兜 抖 斗 陡 豆 逗 痘 都 督 毒 犊 独 读 堵 睹 赌 杜 镀 肚 度 渡 妒 端 短 锻 段 断 缎 堆 兑 队 对 墩 吨 蹲 敦 顿 囤 钝 盾 遁 掇 哆 多 夺 垛 躲 朵 跺 舵 剁 惰 堕 蛾 峨 鹅 俄 额 讹 娥 恶 厄 扼 遏 鄂 饿 恩 而 儿
1 0 1 0 0 1 73 耳 尔 饵 洱 二 贰 发 罚 筏 伐 乏 阀 法 珐 藩 帆 番 翻 樊 矾 钒 繁 凡 烦 反 返 范 贩 犯 饭 泛 坊 芳 方 肪 房 防 妨 仿 访 纺 放 菲 非 啡 飞 肥 匪 诽 吠 肺 废 沸 费 芬 酚 吩 氛 分 纷 坟 焚 汾 粉 奋 份 忿 愤 粪 丰 封 枫 蜂 峰 锋 风 疯 烽 逢 冯 缝 讽 奉 凤 佛 否 夫 敷 肤 孵 扶 拂 辐 幅
1 0 1 0 1 0 74 氟 符 伏 俘 服 浮 涪 福 袱 弗 甫 抚 辅 俯 釜 斧 脯 腑 府 腐 赴 副 覆 赋 复 傅 付 阜 父 腹 负 富 讣 附 妇 缚 咐 噶 嘎 该 改 概 钙 盖 溉 干 甘 杆 柑 竿 肝 赶 感 秆 敢 赣 冈 刚 钢 缸 肛 纲 岗 港 杠 篙 皋 高 膏 羔 糕 搞 镐 稿 告 哥 歌 搁 戈 鸽 胳 疙 割 革 葛 格 蛤 阁 隔 铬 个 各 给 根
1 0 1 0 1 1 75 跟 耕 更 庚 羹 埂 耿 梗 工 攻 功 恭 龚 供 躬 公 宫 弓 巩 汞 拱 贡 共 钩 勾 沟 苟 狗 垢 构 购 够 辜 菇 咕 箍 估 沽 孤 姑 鼓 古 蛊 骨 谷 股 故 顾 固 雇 刮 瓜 剐 寡 挂 褂 乖 拐 怪 棺 关 官 冠 观 管 馆 罐 惯 灌 贯 光 广 逛 瑰 规 圭 硅 归 龟 闺 轨 鬼 诡 癸 桂 柜 跪 贵 刽 辊 滚 棍 锅 郭
1 0 1 1 0 0 76 国 果 裹 过 哈 啊 阿 埃 挨 哎 唉 哀 皑 癌 蔼 矮 艾 碍 爱 隘 鞍 氨 安 俺 按 暗 岸 胺 案 肮 昂 盎 凹 敖 熬 翱 袄 傲 奥 懊 澳 芭 捌 扒 叭 吧 笆 八 疤 巴 拔 跋 靶 把 耙 坝 霸 罢 爸 白 柏 百 摆 佰 败 拜 稗 斑 班 搬 扳 般 颁 板 版 扮 拌 伴 瓣 半 办 绊 邦 帮 梆 榜 膀 绑 棒 磅 蚌 镑 傍 谤
1 0 1 1 0 1 77 苞 胞 包 褒 剥 薄 雹 保 堡 饱 宝 抱 报 暴 豹 鲍 爆 杯 碑 悲 卑 北 辈 背 贝 钡 倍 狈 备 惫 焙 被 奔 苯 本 笨 崩 绷 甭 泵 蹦 迸 逼 鼻 比 鄙 笔 彼 碧 蓖 蔽 毕 毙 毖 币 庇 痹 闭 敝 弊 必 辟 壁 臂 避 陛 鞭 边 编 贬 扁 便 变 卞 辨 辩 辫 遍 标 彪 膘 表 鳖 憋 别 瘪 彬 斌 濒 滨 宾 摈 兵 冰
1 0 1 1 1 0 78 柄 丙 秉 饼 炳 病 并 玻 菠 播 拨 钵 波 博 勃 搏 铂 箔 伯 帛 舶 脖 膊 渤 泊 驳 捕 卜 哺 补 埠 不 布 步 簿 部 怖 擦 猜 裁 材 才 财 睬 踩 采 彩 菜 蔡 餐 参 蚕 残 惭 惨 灿 苍 舱 仓 沧 藏 操 糙 槽 曹 草 厕 策 侧 册 测 层 蹭 插 叉 茬 茶 查 碴 搽 察 岔 差 诧 拆 柴 豺 搀 掺 蝉 馋 谗 缠 铲
1 0 1 1 1 1 79 产 阐 颤 昌 猖 场 尝 常 长 偿 肠 厂 敞 畅 唱 倡 超 抄 钞 朝 嘲 潮 巢 吵 炒 车 扯 撤 掣 彻 澈 郴 臣 辰 尘 晨 忱 沉 陈 趁 衬 撑 称 城 橙 成 呈 乘 程 惩 澄 诚 承 逞 骋 秤 吃 痴 持 匙 池 迟 弛 驰 耻 齿 侈 尺 赤 翅 斥 炽 充 冲 虫 崇 宠 抽 酬 畴 踌 稠 愁 筹 仇 绸 瞅 丑 臭 初 出 橱 厨 躇
1 1 0 0 0 0 80 锄 雏 滁 除 楚 础 储 矗 搐 触 处 揣 川 穿 椽 传 船 喘 串 疮 窗 幢 床 闯 创 吹 炊 捶 锤 垂 春 椿 醇 唇 淳 纯 蠢 戳 绰 疵 茨 磁 雌 辞 慈 瓷 词 此 刺 赐 次 聪 葱 囱 匆 从 丛 凑 粗 醋 簇 促 蹿 篡 窜 摧 崔 催 脆 瘁 粹 淬 翠 村 存 寸 磋 撮 搓 措 挫 错 搭 达 答 瘩 打 大 呆 歹 傣 戴 带 殆
1 1 0 0 0 1 81 代 贷 袋 待 逮 怠 耽 担 丹 单 郸 掸 胆 旦 氮 但 惮 淡 诞 弹 蛋 当 挡 党 荡 档 刀 捣 蹈 倒 岛 祷 导 到 稻 悼 道 盗 德 得 的 蹬 灯 登 等 瞪 凳 邓 堤 低 滴 迪 敌 笛 狄 涤 翟 嫡 抵 底 地 蒂 第 帝 弟 递 缔 颠 掂 滇 碘 点 典 靛 垫 电 佃 甸 店 惦 奠 淀 殿 碉 叼 雕 凋 刁 掉 吊 钓 调 跌 爹
1 1 0 0 1 0 82 碟 蝶 迭 谍 叠 丁 盯 叮 钉 顶 鼎 锭 定 订 丢 东 冬 董 懂 动 栋 侗 恫 冻 洞 兜 抖 斗 陡 豆 逗 痘 都 督 毒 犊 独 读 堵 睹 赌 杜 镀 肚 度 渡 妒 端 短 锻 段 断 缎 堆 兑 队 对 墩 吨 蹲 敦 顿 囤 钝 盾 遁 掇 哆 多 夺 垛 躲 朵 跺 舵 剁 惰 堕 蛾 峨 鹅 俄 额 讹 娥 恶 厄 扼 遏 鄂 饿 恩 而 儿
1 1 0 0 1 1 83 耳 尔 饵 洱 二 贰 发 罚 筏 伐 乏 阀 法 珐 藩 帆 番 翻 樊 矾 钒 繁 凡 烦 反 返 范 贩 犯 饭 泛 坊 芳 方 肪 房 防 妨 仿 访 纺 放 菲 非 啡 飞 肥 匪 诽 吠 肺 废 沸 费 芬 酚 吩 氛 分 纷 坟 焚 汾 粉 奋 份 忿 愤 粪 丰 封 枫 蜂 峰 锋 风 疯 烽 逢 冯 缝 讽 奉 凤 佛 否 夫 敷 肤 孵 扶 拂 辐 幅
1 1 0 1 0 0 84 氟 符 伏 俘 服 浮 涪 福 袱 弗 甫 抚 辅 俯 釜 斧 脯 腑 府 腐 赴 副 覆 赋 复 傅 付 阜 父 腹 负 富 讣 附 妇 缚 咐 噶 嘎 该 改 概 钙 盖 溉 干 甘 杆 柑 竿 肝 赶 感 秆 敢 赣 冈 刚 钢 缸 肛 纲 岗 港 杠 篙 皋 高 膏 羔 糕 搞 镐 稿 告 哥 歌 搁 戈 鸽 胳 疙 割 革 葛 格 蛤 阁 隔 铬 个 各 给 根
1 1 0 1 0 1 85 跟 耕 更 庚 羹 埂 耿 梗 工 攻 功 恭 龚 供 躬 公 宫 弓 巩 汞 拱 贡 共 钩 勾 沟 苟 狗 垢 构 购 够 辜 菇 咕 箍 估 沽 孤 姑 鼓 古 蛊 骨 谷 股 故 顾 固 雇 刮 瓜 剐 寡 挂 褂 乖 拐 怪 棺 关 官 冠 观 管 馆 罐 惯 灌 贯 光 广 逛 瑰 规 圭 硅 归 龟 闺 轨 鬼 诡 癸 桂 柜 跪 贵 刽 辊 滚 棍 锅 郭
1 1 0 1 1 0 86 国 果 裹 过 哈 啊 阿 埃 挨 哎 唉 哀 皑 癌 蔼 矮 艾 碍 爱 隘 鞍 氨 安 俺 按 暗 岸 胺 案 肮 昂 盎 凹 敖 熬 翱 袄 傲 奥 懊 澳 芭 捌 扒 叭 吧 笆 八 疤 巴 拔 跋 靶 把 耙 坝 霸 罢 爸 白 柏 百 摆 佰 败 拜 稗 斑 班 搬 扳 般 颁 板 版 扮 拌 伴 瓣 半 办 绊 邦 帮 梆 榜 膀 绑 棒 磅 蚌 镑 傍 谤
1 1 0 1 1 1 87 苞 胞 包 褒 剥 薄 雹 保 堡 饱 宝 抱 报 暴 豹 鲍 爆 杯 碑 悲 卑 北 辈 背 贝 钡 倍 狈 备 惫 焙 被 奔 苯 本 笨 崩 绷 甭 泵 蹦 迸 逼 鼻 比 鄙 笔 彼 碧 蓖 蔽 毕 毙 毖 币 庇 痹 闭 敝 弊 必 辟 壁 臂 避 陛 鞭 边 编 贬 扁 便 变 卞 辨 辩 辫 遍 标 彪 膘 表 鳖 憋 别 瘪 彬 斌 濒
1 1 1 0 0 0 88
1 1 1 0 0 1 89
1 1 1 0 1 0 90
1 1 1 0 1 1 91
1 1 1 1 0 0 92
1 1 1 1 0 1 93
1 1 1 1 1 0 94
